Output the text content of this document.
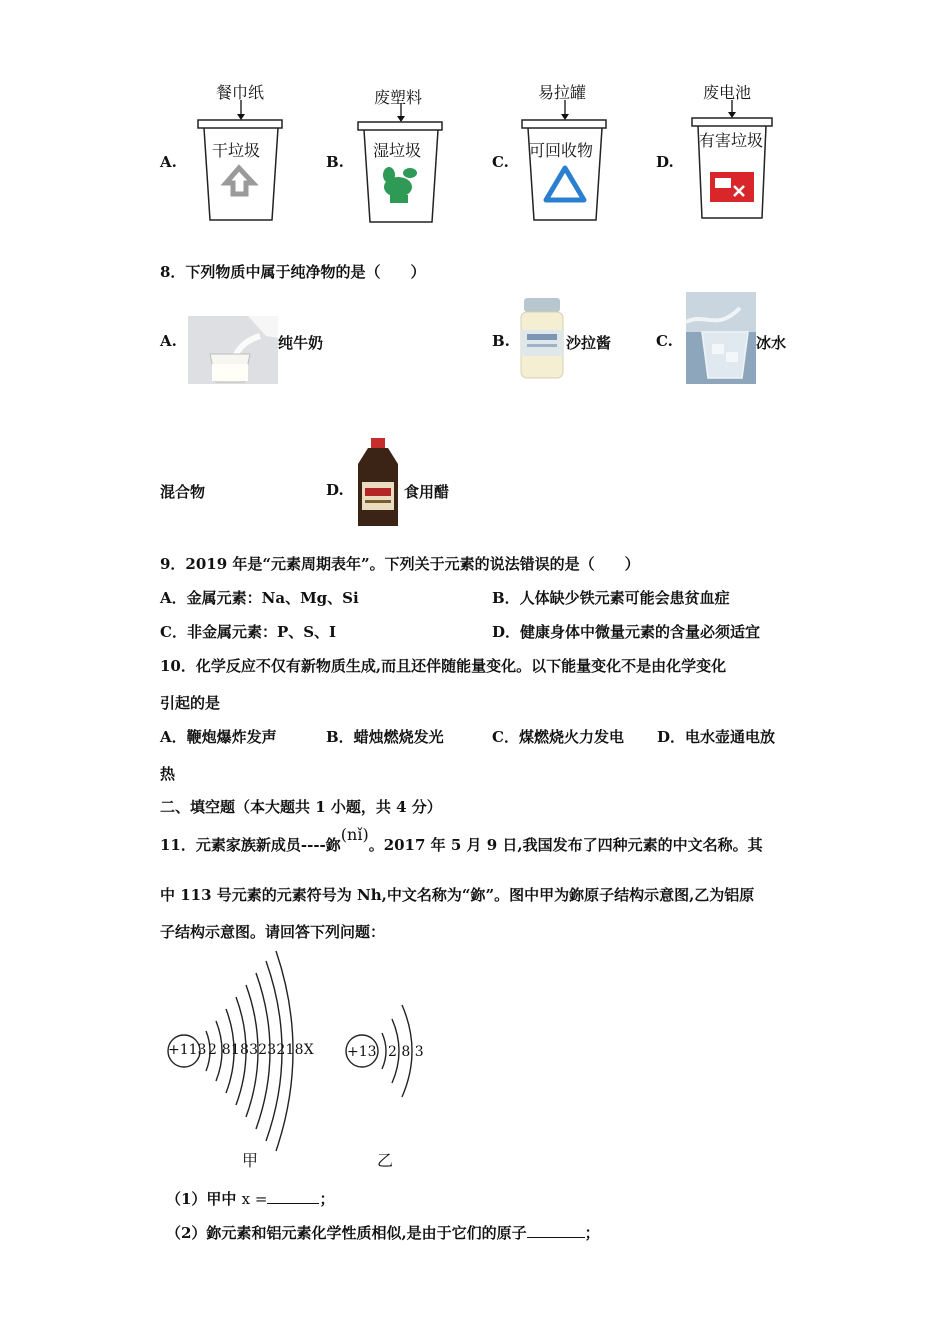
A.
餐巾纸
干垃圾
B.
废塑料
湿垃圾
C.
易拉罐
可回收物
D.
废电池
有害垃圾
8．下列物质中属于纯净物的是（　　）
A.	纯牛奶	B.	沙拉酱	C.	冰水
混合物	D.	食用醋
9．2019 年是“元素周期表年”。下列关于元素的说法错误的是（　　）
A．金属元素：Na、Mg、Si	B．人体缺少铁元素可能会患贫血症
C．非金属元素：P、S、I	D．健康身体中微量元素的含量必须适宜
10．化学反应不仅有新物质生成,而且还伴随能量变化。以下能量变化不是由化学变化
引起的是
A．鞭炮爆炸发声	B．蜡烛燃烧发光	C．煤燃烧火力发电 D．电水壶通电放
热
二、填空题（本大题共 1 小题，共 4 分）
11．元素家族新成员----鉨(nǐ)。2017 年 5 月 9 日,我国发布了四种元素的中文名称。其
中 113 号元素的元素符号为 Nh,中文名称为“鉨”。图中甲为鉨原子结构示意图,乙为铝原
子结构示意图。请回答下列问题：
+113 2 818323218X +13 2 8 3
甲	乙
（1）甲中 x =	；
（2）鉨元素和铝元素化学性质相似,是由于它们的原子	；
